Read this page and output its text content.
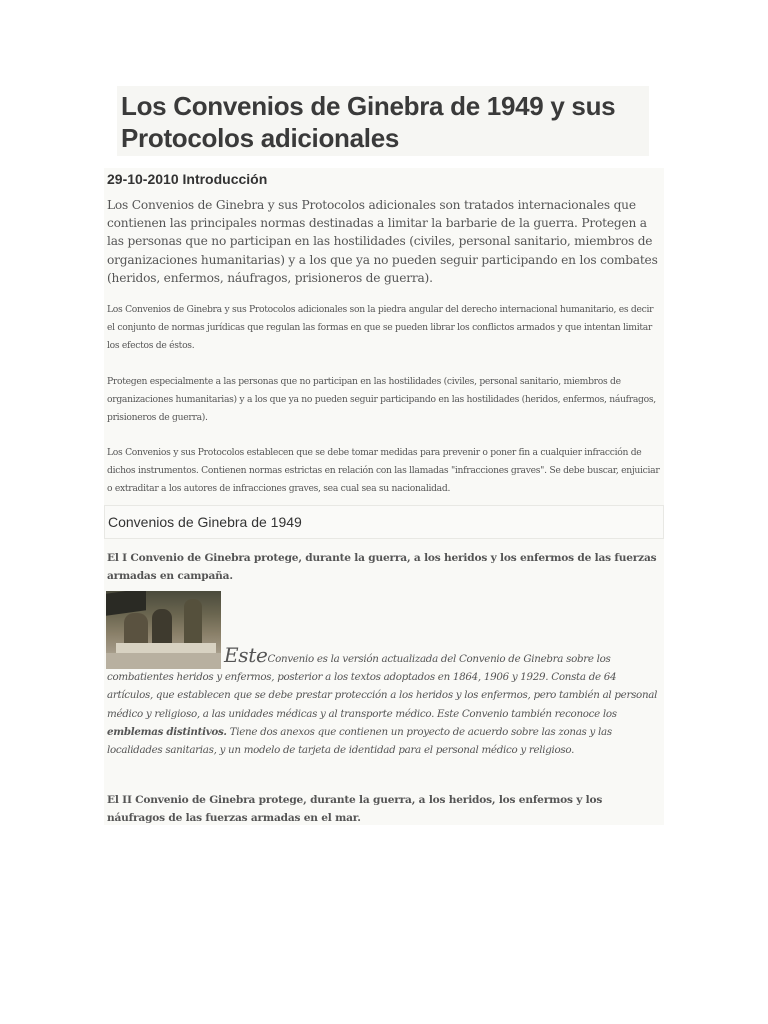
Los Convenios de Ginebra de 1949 y sus Protocolos adicionales
29-10-2010 Introducción

Los Convenios de Ginebra y sus Protocolos adicionales son tratados internacionales que contienen las principales normas destinadas a limitar la barbarie de la guerra. Protegen a las personas que no participan en las hostilidades (civiles, personal sanitario, miembros de organizaciones humanitarias) y a los que ya no pueden seguir participando en los combates (heridos, enfermos, náufragos, prisioneros de guerra).

Los Convenios de Ginebra y sus Protocolos adicionales son la piedra angular del derecho internacional humanitario, es decir el conjunto de normas jurídicas que regulan las formas en que se pueden librar los conflictos armados y que intentan limitar los efectos de éstos.

Protegen especialmente a las personas que no participan en las hostilidades (civiles, personal sanitario, miembros de organizaciones humanitarias) y a los que ya no pueden seguir participando en las hostilidades (heridos, enfermos, náufragos, prisioneros de guerra).

Los Convenios y sus Protocolos establecen que se debe tomar medidas para prevenir o poner fin a cualquier infracción de dichos instrumentos. Contienen normas estrictas en relación con las llamadas "infracciones graves". Se debe buscar, enjuiciar o extraditar a los autores de infracciones graves, sea cual sea su nacionalidad.

Convenios de Ginebra de 1949

El I Convenio de Ginebra protege, durante la guerra, a los heridos y los enfermos de las fuerzas armadas en campaña.

EsteConvenio es la versión actualizada del Convenio de Ginebra sobre los combatientes heridos y enfermos, posterior a los textos adoptados en 1864, 1906 y 1929. Consta de 64 artículos, que establecen que se debe prestar protección a los heridos y los enfermos, pero también al personal médico y religioso, a las unidades médicas y al transporte médico. Este Convenio también reconoce los emblemas distintivos. Tiene dos anexos que contienen un proyecto de acuerdo sobre las zonas y las localidades sanitarias, y un modelo de tarjeta de identidad para el personal médico y religioso.

El II Convenio de Ginebra protege, durante la guerra, a los heridos, los enfermos y los náufragos de las fuerzas armadas en el mar.
